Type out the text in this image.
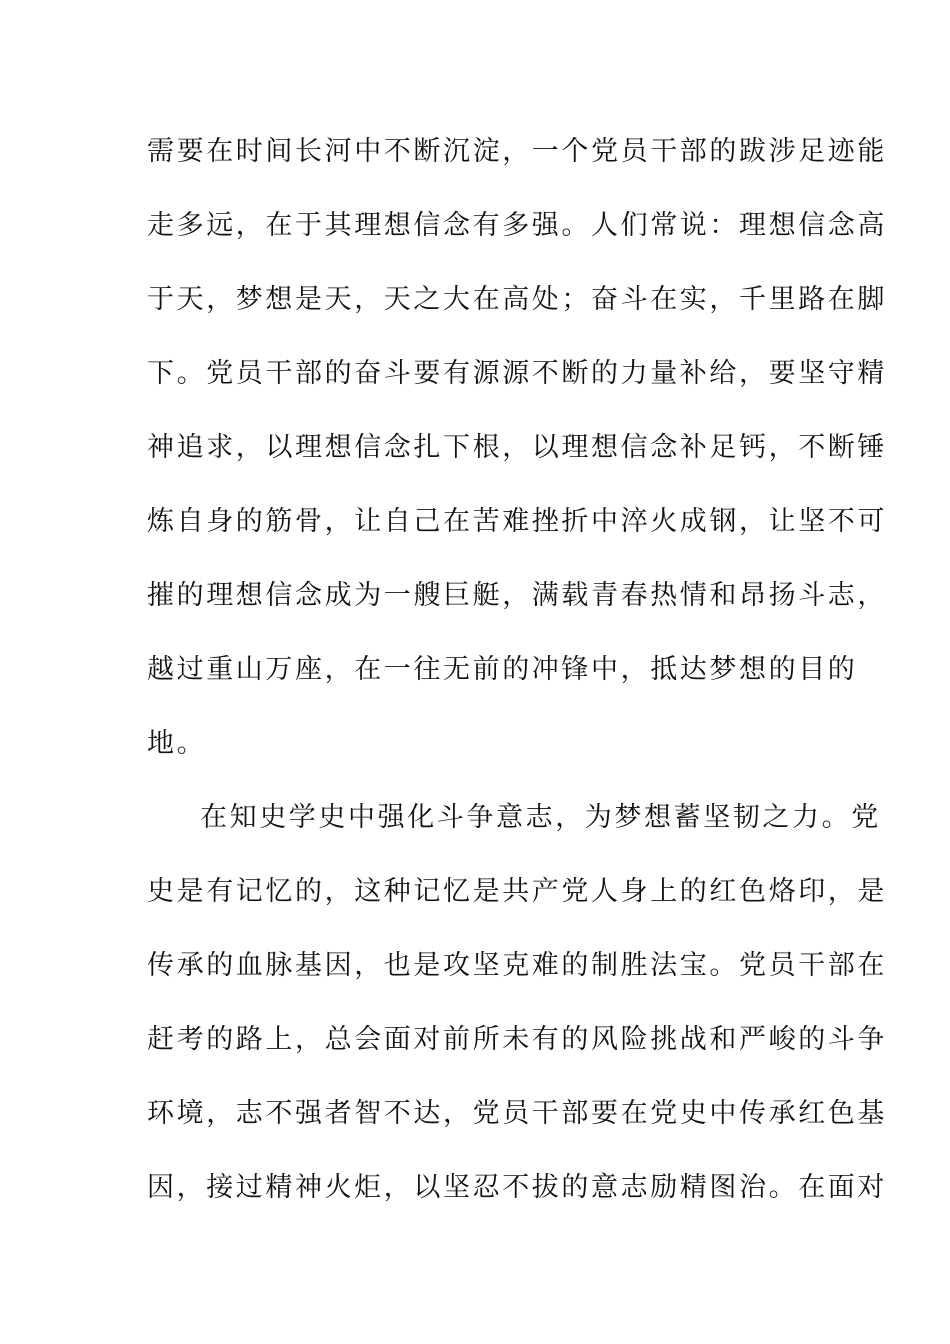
需要在时间长河中不断沉淀，一个党员干部的跋涉足迹能
走多远，在于其理想信念有多强。人们常说：理想信念高
于天，梦想是天，天之大在高处；奋斗在实，千里路在脚
下。党员干部的奋斗要有源源不断的力量补给，要坚守精
神追求，以理想信念扎下根，以理想信念补足钙，不断锤
炼自身的筋骨，让自己在苦难挫折中淬火成钢，让坚不可
摧的理想信念成为一艘巨艇，满载青春热情和昂扬斗志，
越过重山万座，在一往无前的冲锋中，抵达梦想的目的
地。
在知史学史中强化斗争意志，为梦想蓄坚韧之力。党
史是有记忆的，这种记忆是共产党人身上的红色烙印，是
传承的血脉基因，也是攻坚克难的制胜法宝。党员干部在
赶考的路上，总会面对前所未有的风险挑战和严峻的斗争
环境，志不强者智不达，党员干部要在党史中传承红色基
因，接过精神火炬，以坚忍不拔的意志励精图治。在面对
